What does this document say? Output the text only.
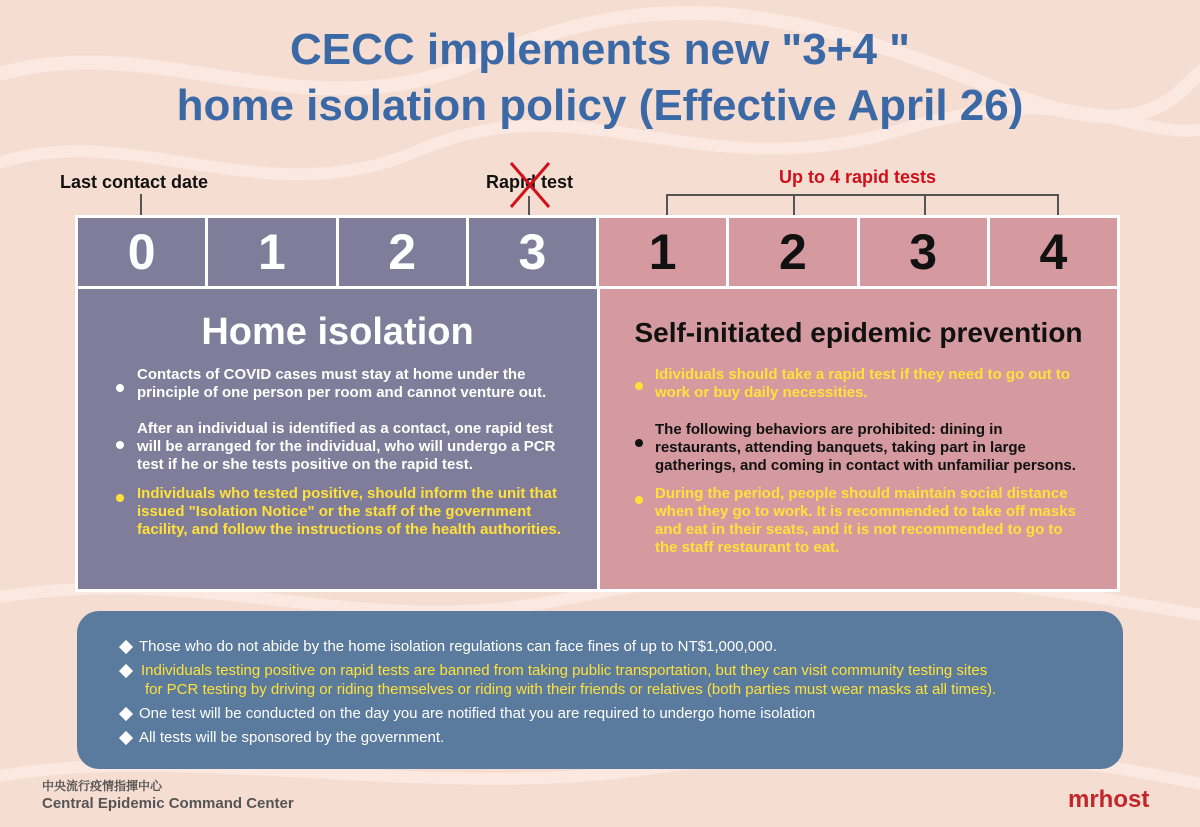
CECC implements new "3+4 "
home isolation policy (Effective April 26)
Last contact date	Rapid test	Up to 4 rapid tests
0	1	2	3	1	2	3	4
Home isolation
Contacts of COVID cases must stay at home under the
principle of one person per room and cannot venture out.
After an individual is identified as a contact, one rapid test
will be arranged for the individual, who will undergo a PCR
test if he or she tests positive on the rapid test.
Individuals who tested positive, should inform the unit that
issued "Isolation Notice" or the staff of the government
facility, and follow the instructions of the health authorities.
Self-initiated epidemic prevention
Idividuals should take a rapid test if they need to go out to
work or buy daily necessities.
The following behaviors are prohibited: dining in
restaurants, attending banquets, taking part in large
gatherings, and coming in contact with unfamiliar persons.
During the period, people should maintain social distance
when they go to work. It is recommended to take off masks
and eat in their seats, and it is not recommended to go to
the staff restaurant to eat.
Those who do not abide by the home isolation regulations can face fines of up to NT$1,000,000.
Individuals testing positive on rapid tests are banned from taking public transportation, but they can visit community testing sites
for PCR testing by driving or riding themselves or riding with their friends or relatives (both parties must wear masks at all times).
One test will be conducted on the day you are notified that you are required to undergo home isolation
All tests will be sponsored by the government.
中央流行疫情指揮中心
Central Epidemic Command Center	mrhost
